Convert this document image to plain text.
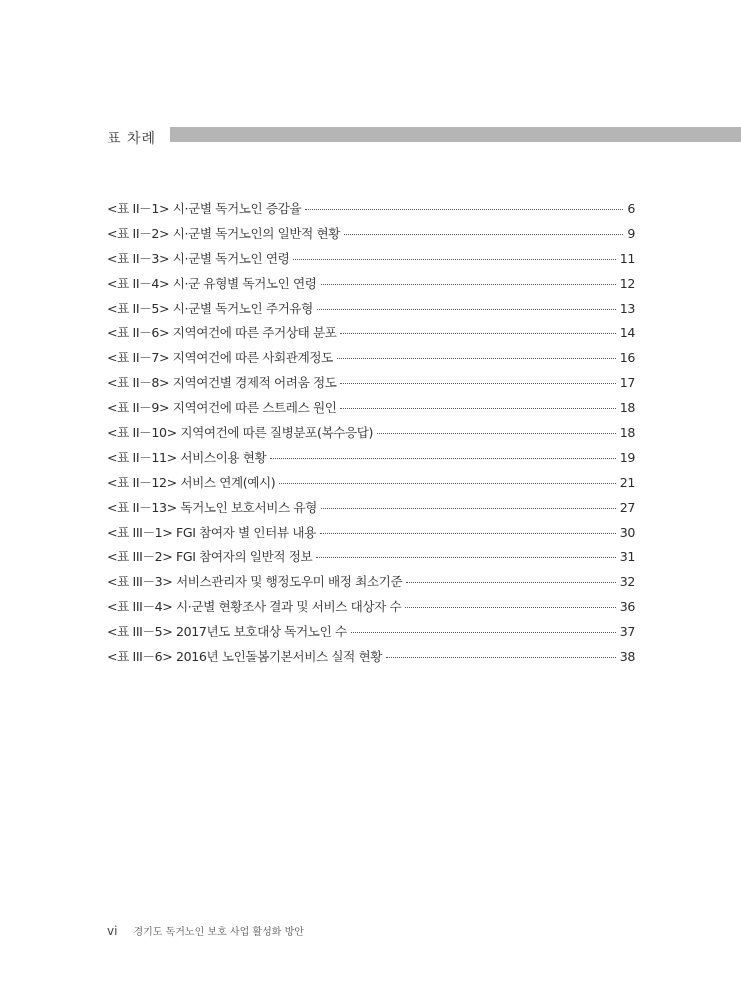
표 차례
<표 II－1> 시·군별 독거노인 증감율	6
<표 II－2> 시·군별 독거노인의 일반적 현황	9
<표 II－3> 시·군별 독거노인 연령	11
<표 II－4> 시·군 유형별 독거노인 연령	12
<표 II－5> 시·군별 독거노인 주거유형	13
<표 II－6> 지역여건에 따른 주거상태 분포	14
<표 II－7> 지역여건에 따른 사회관계정도	16
<표 II－8> 지역여건별 경제적 어려움 정도	17
<표 II－9> 지역여건에 따른 스트레스 원인	18
<표 II－10> 지역여건에 따른 질병분포(복수응답)	18
<표 II－11> 서비스이용 현황	19
<표 II－12> 서비스 연계(예시)	21
<표 II－13> 독거노인 보호서비스 유형	27
<표 III－1> FGI 참여자 별 인터뷰 내용	30
<표 III－2> FGI 참여자의 일반적 정보	31
<표 III－3> 서비스관리자 및 행정도우미 배정 최소기준	32
<표 III－4> 시·군별 현황조사 결과 및 서비스 대상자 수	36
<표 III－5> 2017년도 보호대상 독거노인 수	37
<표 III－6> 2016년 노인돌봄기본서비스 실적 현황	38
vi 경기도 독거노인 보호 사업 활성화 방안
